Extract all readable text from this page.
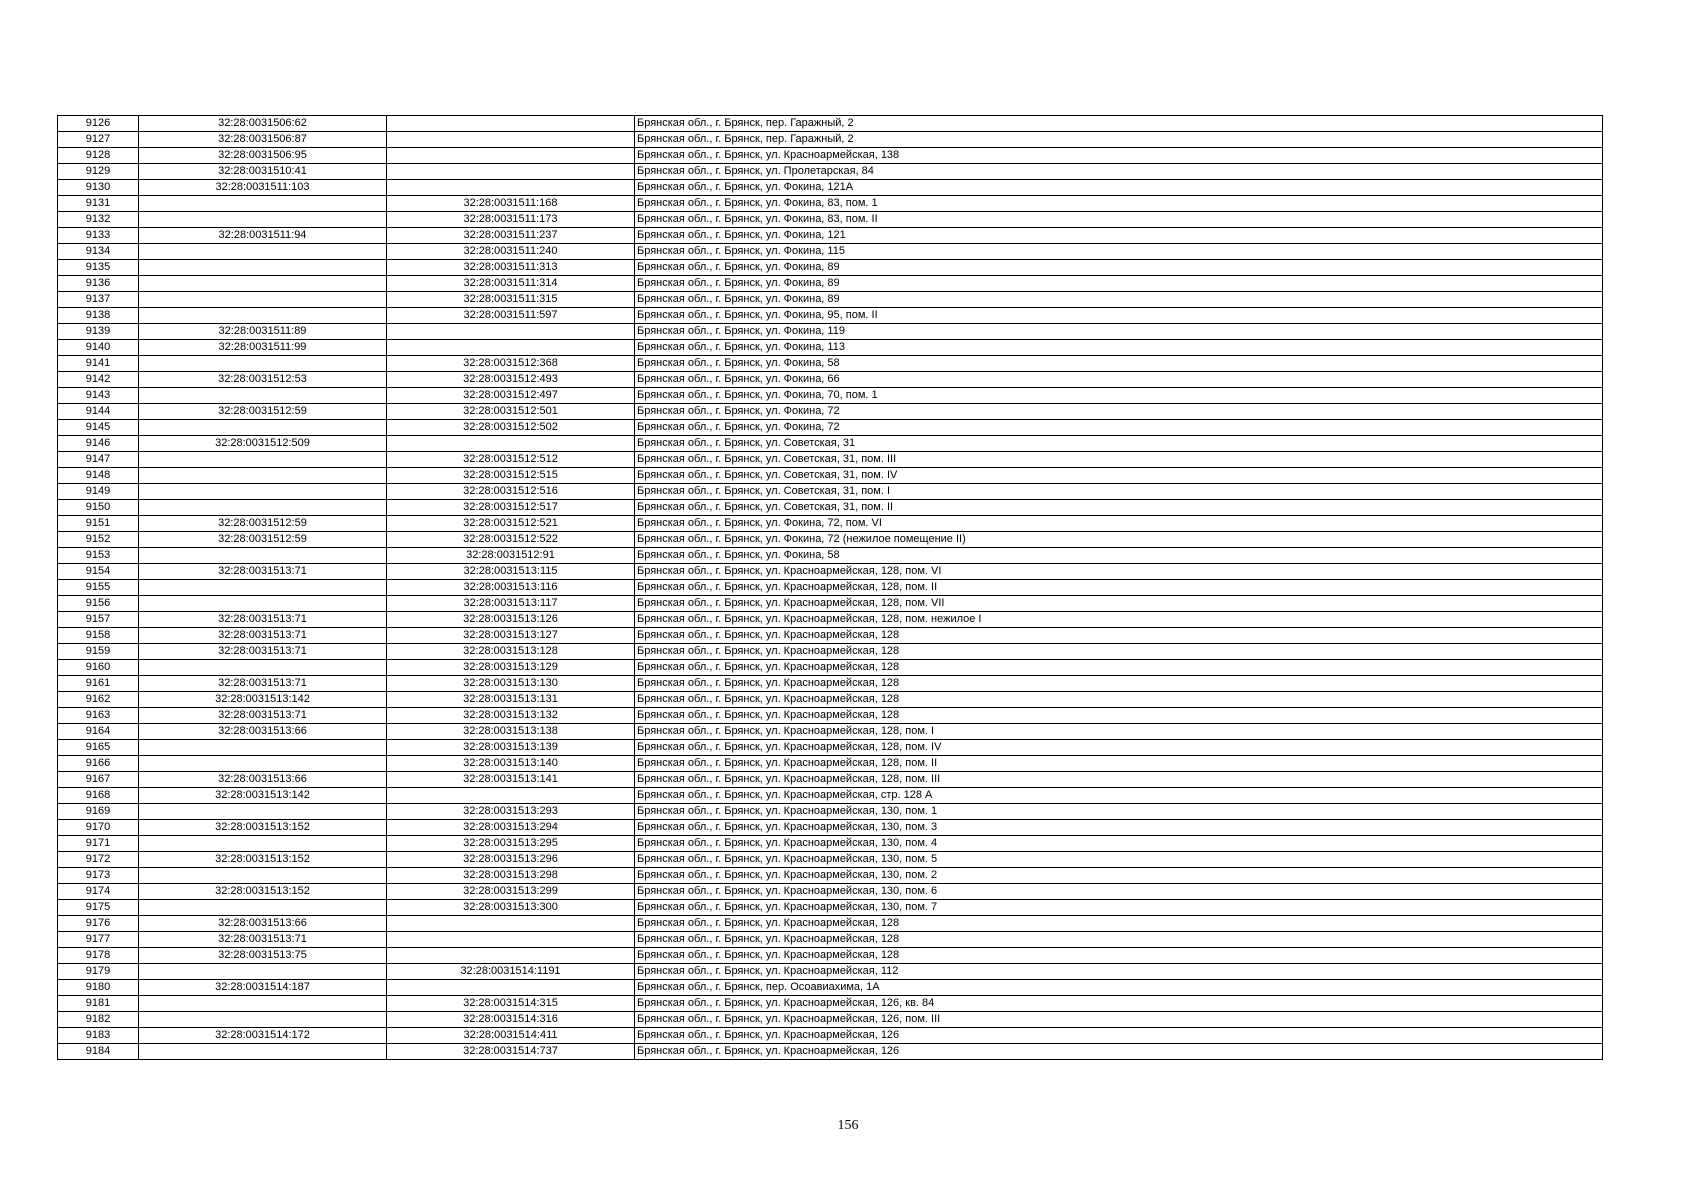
9126	32:28:0031506:62		Брянская обл., г. Брянск, пер. Гаражный, 2
9127	32:28:0031506:87		Брянская обл., г. Брянск, пер. Гаражный, 2
9128	32:28:0031506:95		Брянская обл., г. Брянск, ул. Красноармейская, 138
9129	32:28:0031510:41		Брянская обл., г. Брянск, ул. Пролетарская, 84
9130	32:28:0031511:103		Брянская обл., г. Брянск, ул. Фокина, 121А
9131		32:28:0031511:168	Брянская обл., г. Брянск, ул. Фокина, 83, пом. 1
9132		32:28:0031511:173	Брянская обл., г. Брянск, ул. Фокина, 83, пом. II
9133	32:28:0031511:94	32:28:0031511:237	Брянская обл., г. Брянск, ул. Фокина, 121
9134		32:28:0031511:240	Брянская обл., г. Брянск, ул. Фокина, 115
9135		32:28:0031511:313	Брянская обл., г. Брянск, ул. Фокина, 89
9136		32:28:0031511:314	Брянская обл., г. Брянск, ул. Фокина, 89
9137		32:28:0031511:315	Брянская обл., г. Брянск, ул. Фокина, 89
9138		32:28:0031511:597	Брянская обл., г. Брянск, ул. Фокина, 95, пом. II
9139	32:28:0031511:89		Брянская обл., г. Брянск, ул. Фокина, 119
9140	32:28:0031511:99		Брянская обл., г. Брянск, ул. Фокина, 113
9141		32:28:0031512:368	Брянская обл., г. Брянск, ул. Фокина, 58
9142	32:28:0031512:53	32:28:0031512:493	Брянская обл., г. Брянск, ул. Фокина, 66
9143		32:28:0031512:497	Брянская обл., г. Брянск, ул. Фокина, 70, пом. 1
9144	32:28:0031512:59	32:28:0031512:501	Брянская обл., г. Брянск, ул. Фокина, 72
9145		32:28:0031512:502	Брянская обл., г. Брянск, ул. Фокина, 72
9146	32:28:0031512:509		Брянская обл., г. Брянск, ул. Советская, 31
9147		32:28:0031512:512	Брянская обл., г. Брянск, ул. Советская, 31, пом. III
9148		32:28:0031512:515	Брянская обл., г. Брянск, ул. Советская, 31, пом. IV
9149		32:28:0031512:516	Брянская обл., г. Брянск, ул. Советская, 31, пом. I
9150		32:28:0031512:517	Брянская обл., г. Брянск, ул. Советская, 31, пом. II
9151	32:28:0031512:59	32:28:0031512:521	Брянская обл., г. Брянск, ул. Фокина, 72, пом. VI
9152	32:28:0031512:59	32:28:0031512:522	Брянская обл., г. Брянск, ул. Фокина, 72 (нежилое помещение II)
9153		32:28:0031512:91	Брянская обл., г. Брянск, ул. Фокина, 58
9154	32:28:0031513:71	32:28:0031513:115	Брянская обл., г. Брянск, ул. Красноармейская, 128, пом. VI
9155		32:28:0031513:116	Брянская обл., г. Брянск, ул. Красноармейская, 128, пом. II
9156		32:28:0031513:117	Брянская обл., г. Брянск, ул. Красноармейская, 128, пом. VII
9157	32:28:0031513:71	32:28:0031513:126	Брянская обл., г. Брянск, ул. Красноармейская, 128, пом. нежилое I
9158	32:28:0031513:71	32:28:0031513:127	Брянская обл., г. Брянск, ул. Красноармейская, 128
9159	32:28:0031513:71	32:28:0031513:128	Брянская обл., г. Брянск, ул. Красноармейская, 128
9160		32:28:0031513:129	Брянская обл., г. Брянск, ул. Красноармейская, 128
9161	32:28:0031513:71	32:28:0031513:130	Брянская обл., г. Брянск, ул. Красноармейская, 128
9162	32:28:0031513:142	32:28:0031513:131	Брянская обл., г. Брянск, ул. Красноармейская, 128
9163	32:28:0031513:71	32:28:0031513:132	Брянская обл., г. Брянск, ул. Красноармейская, 128
9164	32:28:0031513:66	32:28:0031513:138	Брянская обл., г. Брянск, ул. Красноармейская, 128, пом. I
9165		32:28:0031513:139	Брянская обл., г. Брянск, ул. Красноармейская, 128, пом. IV
9166		32:28:0031513:140	Брянская обл., г. Брянск, ул. Красноармейская, 128, пом. II
9167	32:28:0031513:66	32:28:0031513:141	Брянская обл., г. Брянск, ул. Красноармейская, 128, пом. III
9168	32:28:0031513:142		Брянская обл., г. Брянск, ул. Красноармейская, стр. 128 А
9169		32:28:0031513:293	Брянская обл., г. Брянск, ул. Красноармейская, 130, пом. 1
9170	32:28:0031513:152	32:28:0031513:294	Брянская обл., г. Брянск, ул. Красноармейская, 130, пом. 3
9171		32:28:0031513:295	Брянская обл., г. Брянск, ул. Красноармейская, 130, пом. 4
9172	32:28:0031513:152	32:28:0031513:296	Брянская обл., г. Брянск, ул. Красноармейская, 130, пом. 5
9173		32:28:0031513:298	Брянская обл., г. Брянск, ул. Красноармейская, 130, пом. 2
9174	32:28:0031513:152	32:28:0031513:299	Брянская обл., г. Брянск, ул. Красноармейская, 130, пом. 6
9175		32:28:0031513:300	Брянская обл., г. Брянск, ул. Красноармейская, 130, пом. 7
9176	32:28:0031513:66		Брянская обл., г. Брянск, ул. Красноармейская, 128
9177	32:28:0031513:71		Брянская обл., г. Брянск, ул. Красноармейская, 128
9178	32:28:0031513:75		Брянская обл., г. Брянск, ул. Красноармейская, 128
9179		32:28:0031514:1191	Брянская обл., г. Брянск, ул. Красноармейская, 112
9180	32:28:0031514:187		Брянская обл., г. Брянск, пер. Осоавиахима, 1А
9181		32:28:0031514:315	Брянская обл., г. Брянск, ул. Красноармейская, 126, кв. 84
9182		32:28:0031514:316	Брянская обл., г. Брянск, ул. Красноармейская, 126, пом. III
9183	32:28:0031514:172	32:28:0031514:411	Брянская обл., г. Брянск, ул. Красноармейская, 126
9184		32:28:0031514:737	Брянская обл., г. Брянск, ул. Красноармейская, 126
156
